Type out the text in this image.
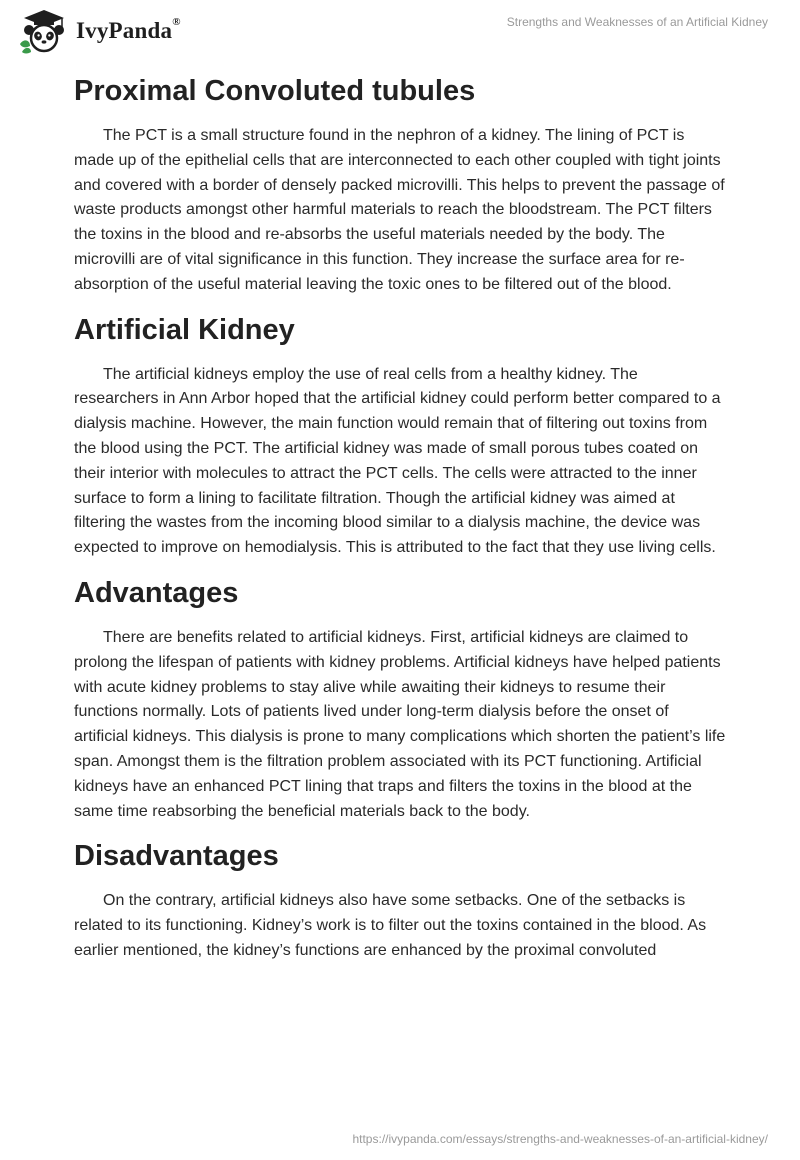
IvyPanda®	Strengths and Weaknesses of an Artificial Kidney
Proximal Convoluted tubules

The PCT is a small structure found in the nephron of a kidney. The lining of PCT is made up of the epithelial cells that are interconnected to each other coupled with tight joints and covered with a border of densely packed microvilli. This helps to prevent the passage of waste products amongst other harmful materials to reach the bloodstream. The PCT filters the toxins in the blood and re-absorbs the useful materials needed by the body. The microvilli are of vital significance in this function. They increase the surface area for re-absorption of the useful material leaving the toxic ones to be filtered out of the blood.

Artificial Kidney

The artificial kidneys employ the use of real cells from a healthy kidney. The researchers in Ann Arbor hoped that the artificial kidney could perform better compared to a dialysis machine. However, the main function would remain that of filtering out toxins from the blood using the PCT. The artificial kidney was made of small porous tubes coated on their interior with molecules to attract the PCT cells. The cells were attracted to the inner surface to form a lining to facilitate filtration. Though the artificial kidney was aimed at filtering the wastes from the incoming blood similar to a dialysis machine, the device was expected to improve on hemodialysis. This is attributed to the fact that they use living cells.

Advantages

There are benefits related to artificial kidneys. First, artificial kidneys are claimed to prolong the lifespan of patients with kidney problems. Artificial kidneys have helped patients with acute kidney problems to stay alive while awaiting their kidneys to resume their functions normally. Lots of patients lived under long-term dialysis before the onset of artificial kidneys. This dialysis is prone to many complications which shorten the patient’s life span. Amongst them is the filtration problem associated with its PCT functioning. Artificial kidneys have an enhanced PCT lining that traps and filters the toxins in the blood at the same time reabsorbing the beneficial materials back to the body.

Disadvantages

On the contrary, artificial kidneys also have some setbacks. One of the setbacks is related to its functioning. Kidney’s work is to filter out the toxins contained in the blood. As earlier mentioned, the kidney’s functions are enhanced by the proximal convoluted

https://ivypanda.com/essays/strengths-and-weaknesses-of-an-artificial-kidney/
